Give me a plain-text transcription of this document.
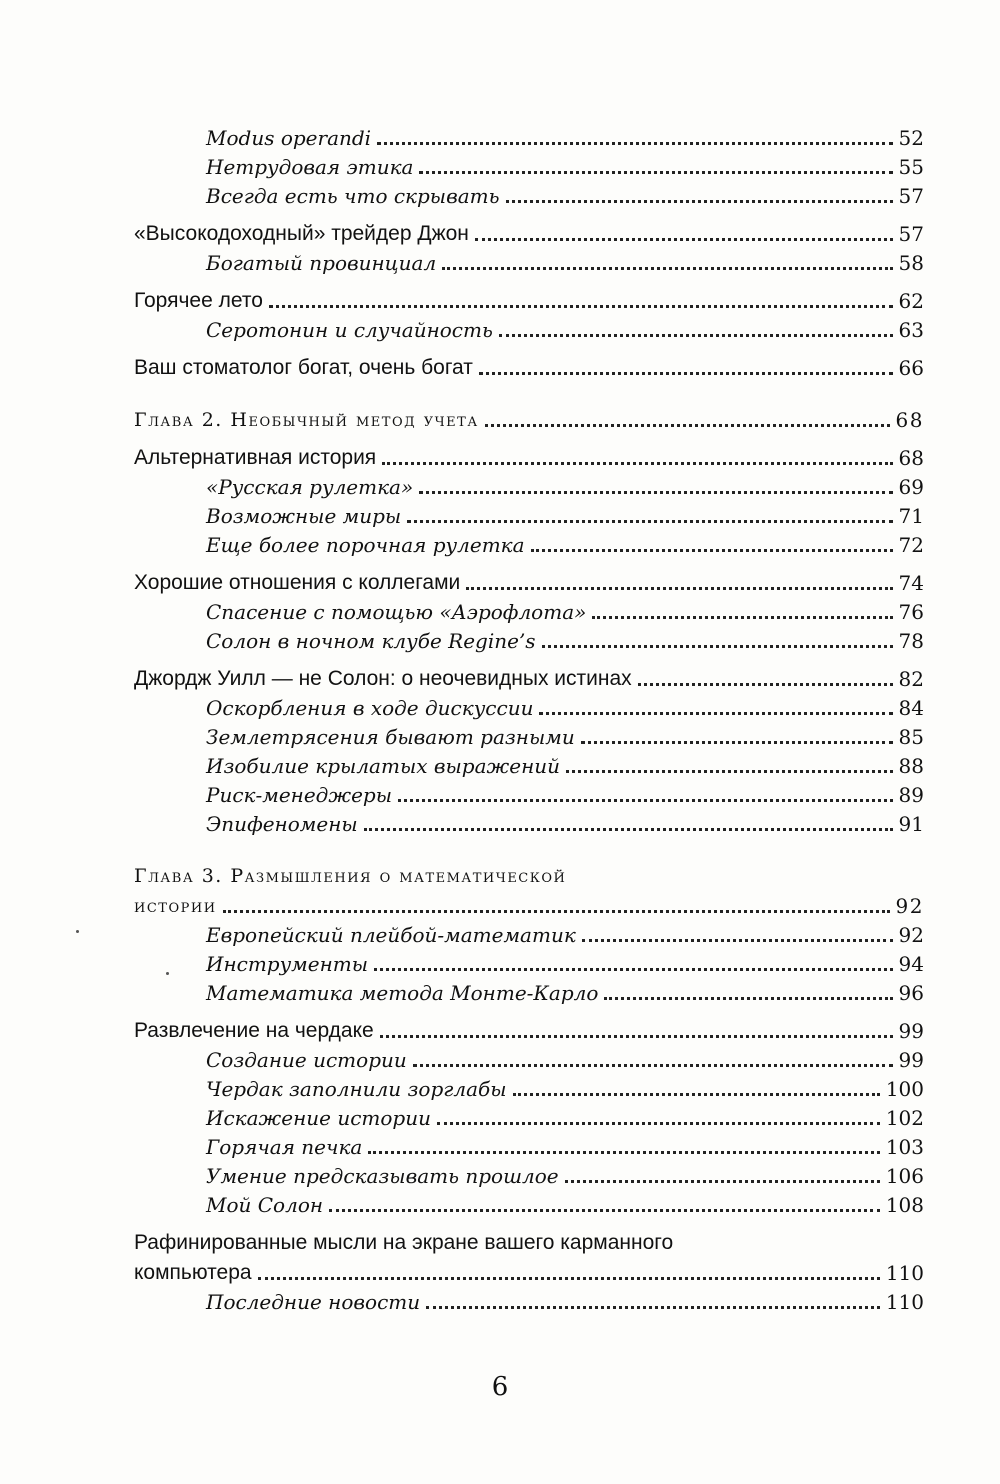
Modus operandi	52
Нетрудовая этика	55
Всегда есть что скрывать	57
«Высокодоходный» трейдер Джон	57
Богатый провинциал	58
Горячее лето	62
Серотонин и случайность	63
Ваш стоматолог богат, очень богат	66
Глава 2. Необычный метод учета	68
Альтернативная история	68
«Русская рулетка»	69
Возможные миры	71
Еще более порочная рулетка	72
Хорошие отношения с коллегами	74
Спасение с помощью «Аэрофлота»	76
Солон в ночном клубе Regine’s	78
Джордж Уилл — не Солон: о неочевидных истинах	82
Оскорбления в ходе дискуссии	84
Землетрясения бывают разными	85
Изобилие крылатых выражений	88
Риск-менеджеры	89
Эпифеномены	91
Глава 3. Размышления о математической
истории	92
Европейский плейбой-математик	92
Инструменты	94
Математика метода Монте-Карло	96
Развлечение на чердаке	99
Создание истории	99
Чердак заполнили зорглабы	100
Искажение истории	102
Горячая печка	103
Умение предсказывать прошлое	106
Мой Солон	108
Рафинированные мысли на экране вашего карманного
компьютера	110
Последние новости	110
6
